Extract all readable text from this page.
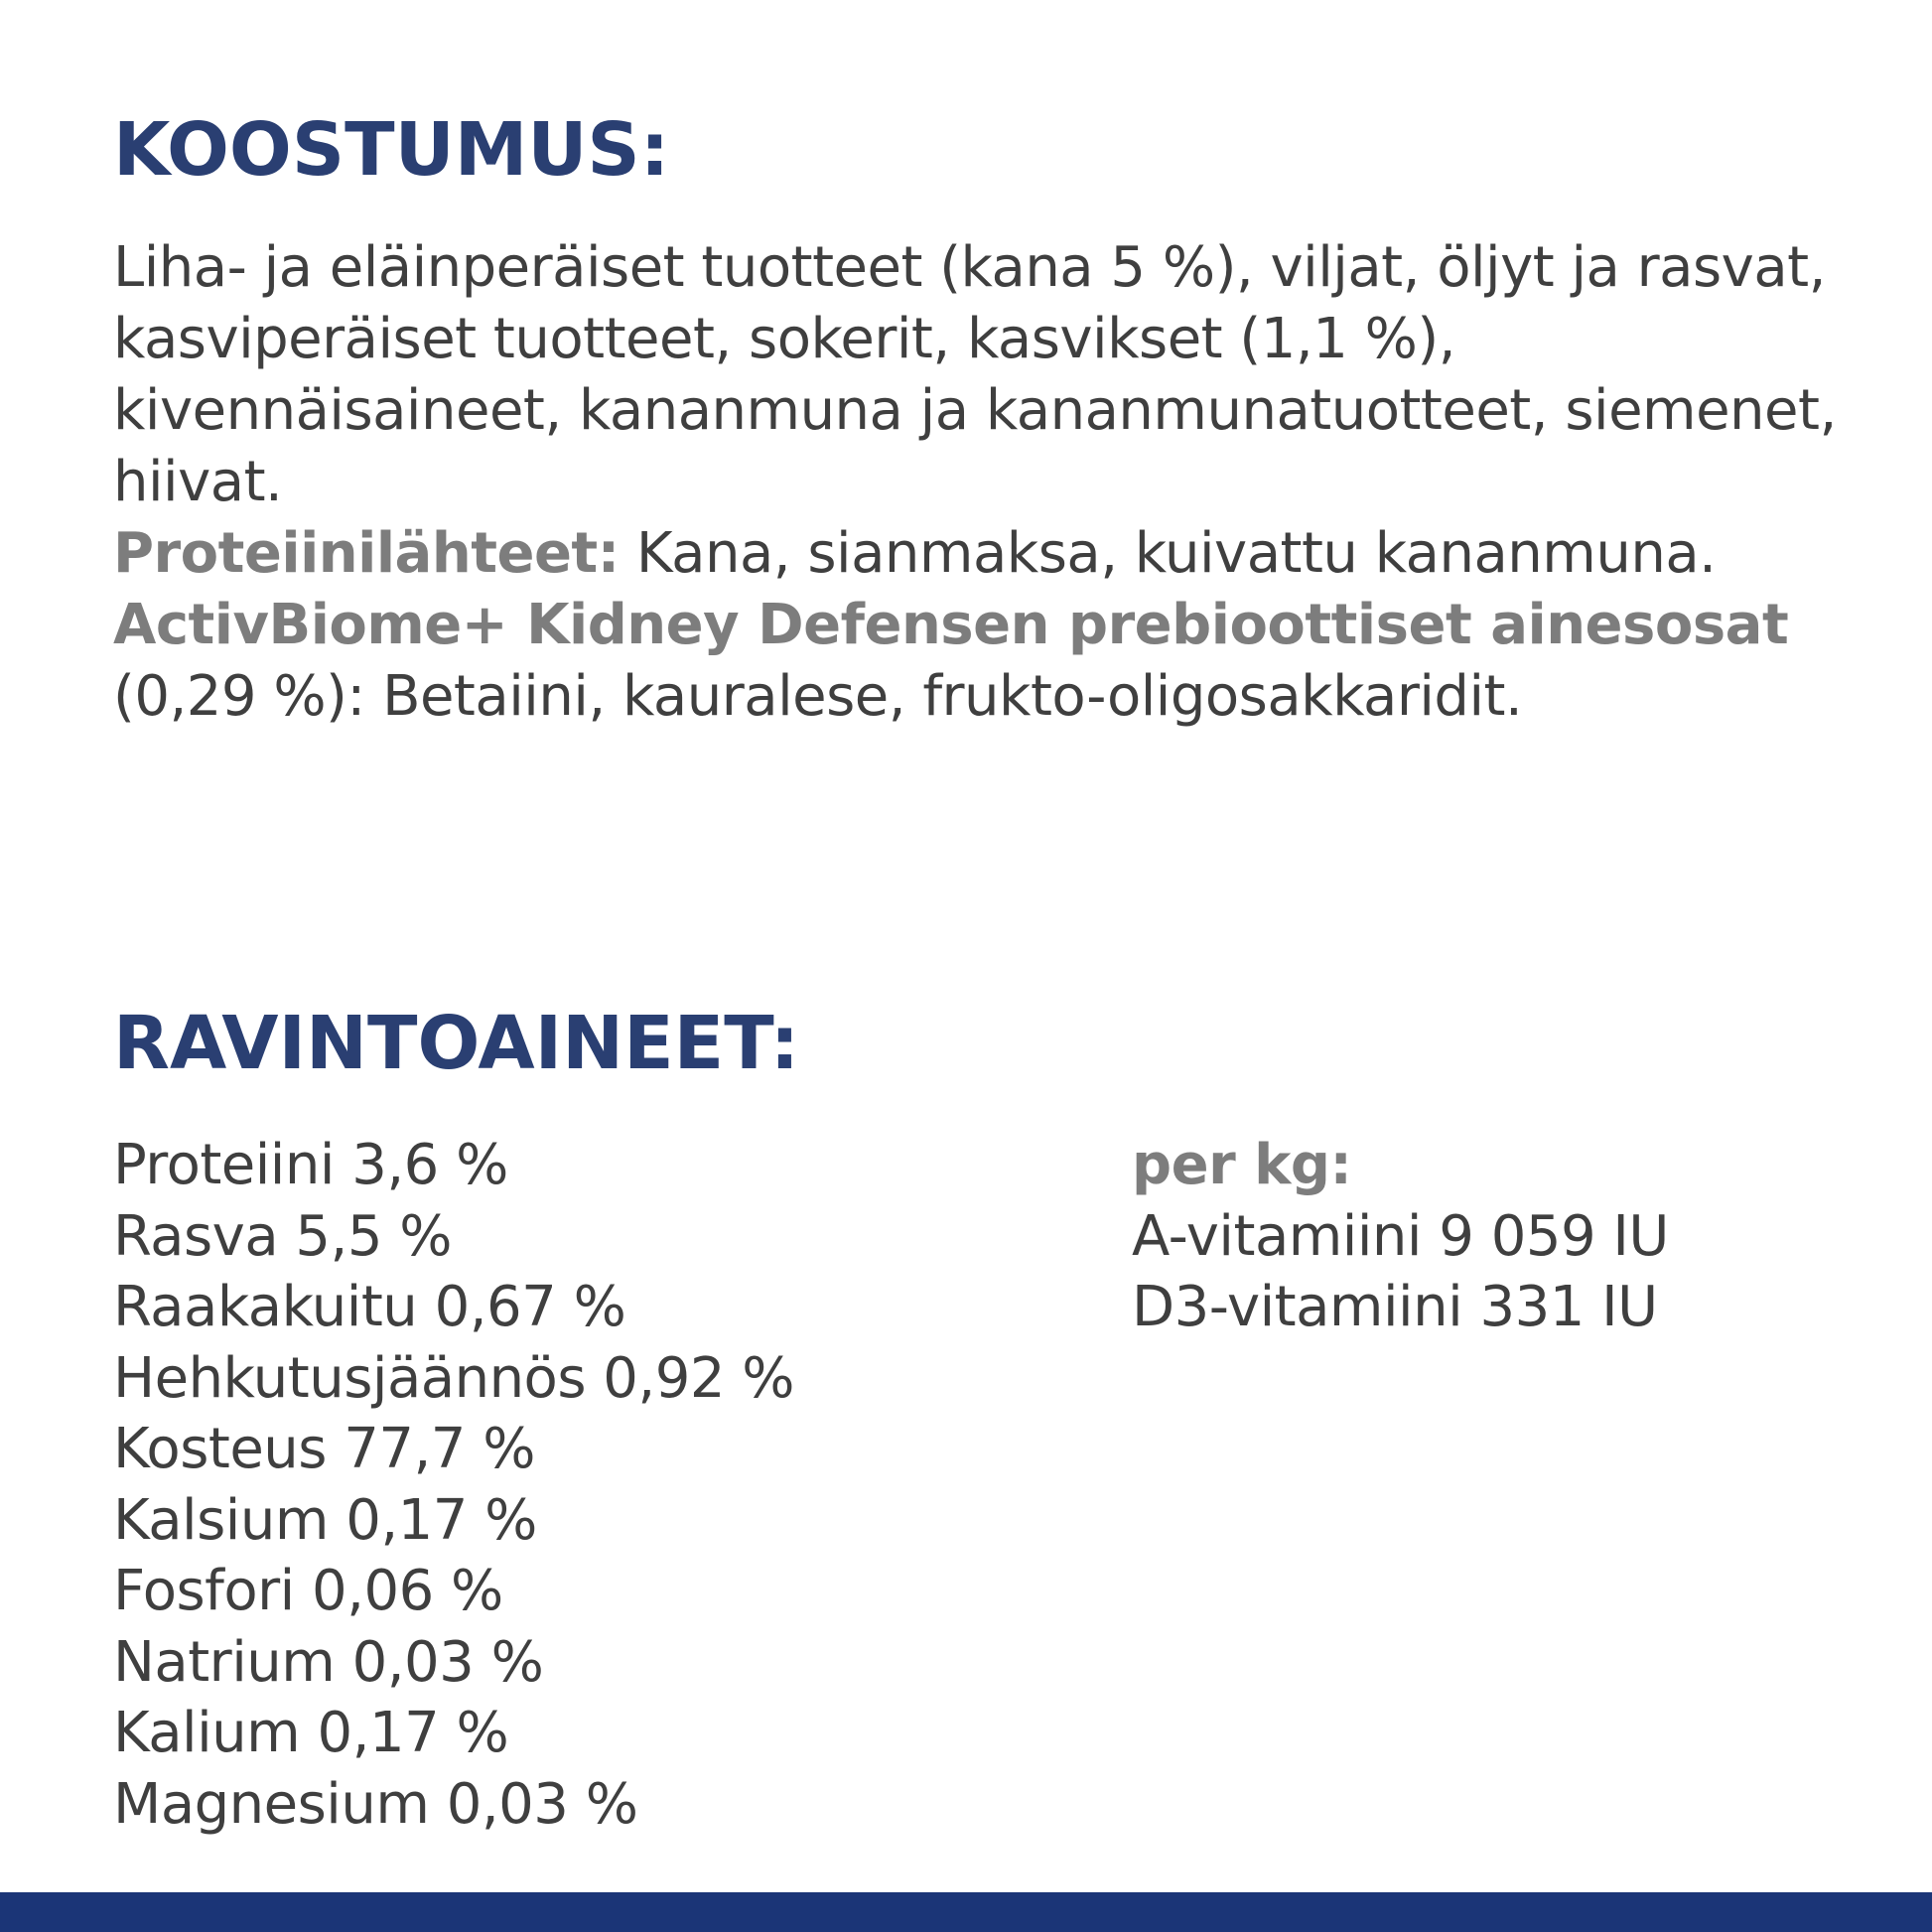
KOOSTUMUS:

Liha- ja eläinperäiset tuotteet (kana 5 %), viljat, öljyt ja rasvat, kasviperäiset tuotteet, sokerit, kasvikset (1,1 %), kivennäisaineet, kananmuna ja kananmunatuotteet, siemenet, hiivat.
Proteiinilähteet: Kana, sianmaksa, kuivattu kananmuna.
ActivBiome+ Kidney Defensen prebioottiset ainesosat (0,29 %): Betaiini, kauralese, frukto-oligosakkaridit.

RAVINTOAINEET:
Proteiini 3,6 %
Rasva 5,5 %
Raakakuitu 0,67 %
Hehkutusjäännös 0,92 %
Kosteus 77,7 %
Kalsium 0,17 %
Fosfori 0,06 %
Natrium 0,03 %
Kalium 0,17 %
Magnesium 0,03 %
per kg:
A-vitamiini 9 059 IU
D3-vitamiini 331 IU
